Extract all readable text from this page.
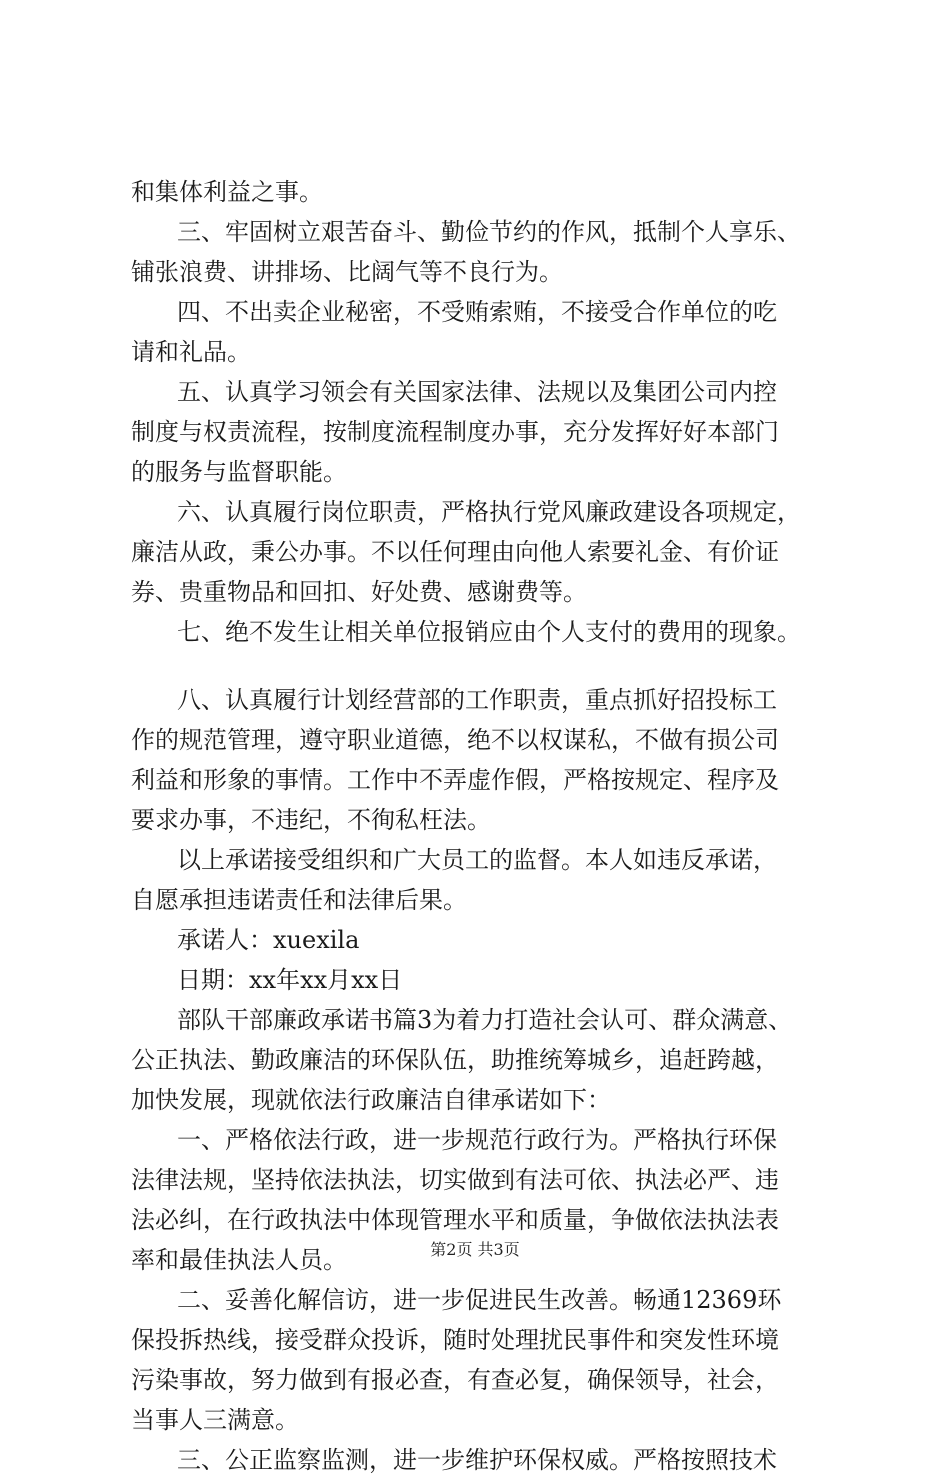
和集体利益之事。
三、牢固树立艰苦奋斗、勤俭节约的作风，抵制个人享乐、
铺张浪费、讲排场、比阔气等不良行为。
四、不出卖企业秘密，不受贿索贿，不接受合作单位的吃
请和礼品。
五、认真学习领会有关国家法律、法规以及集团公司内控
制度与权责流程，按制度流程制度办事，充分发挥好好本部门
的服务与监督职能。
六、认真履行岗位职责，严格执行党风廉政建设各项规定，
廉洁从政，秉公办事。不以任何理由向他人索要礼金、有价证
券、贵重物品和回扣、好处费、感谢费等。
七、绝不发生让相关单位报销应由个人支付的费用的现象。
八、认真履行计划经营部的工作职责，重点抓好招投标工
作的规范管理，遵守职业道德，绝不以权谋私，不做有损公司
利益和形象的事情。工作中不弄虚作假，严格按规定、程序及
要求办事，不违纪，不徇私枉法。
以上承诺接受组织和广大员工的监督。本人如违反承诺，
自愿承担违诺责任和法律后果。
承诺人：xuexila
日期：xx年xx月xx日
部队干部廉政承诺书篇3为着力打造社会认可、群众满意、
公正执法、勤政廉洁的环保队伍，助推统筹城乡，追赶跨越，
加快发展，现就依法行政廉洁自律承诺如下：
一、严格依法行政，进一步规范行政行为。严格执行环保
法律法规，坚持依法执法，切实做到有法可依、执法必严、违
法必纠，在行政执法中体现管理水平和质量，争做依法执法表
率和最佳执法人员。
二、妥善化解信访，进一步促进民生改善。畅通12369环
保投拆热线，接受群众投诉，随时处理扰民事件和突发性环境
污染事故，努力做到有报必查，有查必复，确保领导，社会，
当事人三满意。
三、公正监察监测，进一步维护环保权威。严格按照技术
第2页 共3页
